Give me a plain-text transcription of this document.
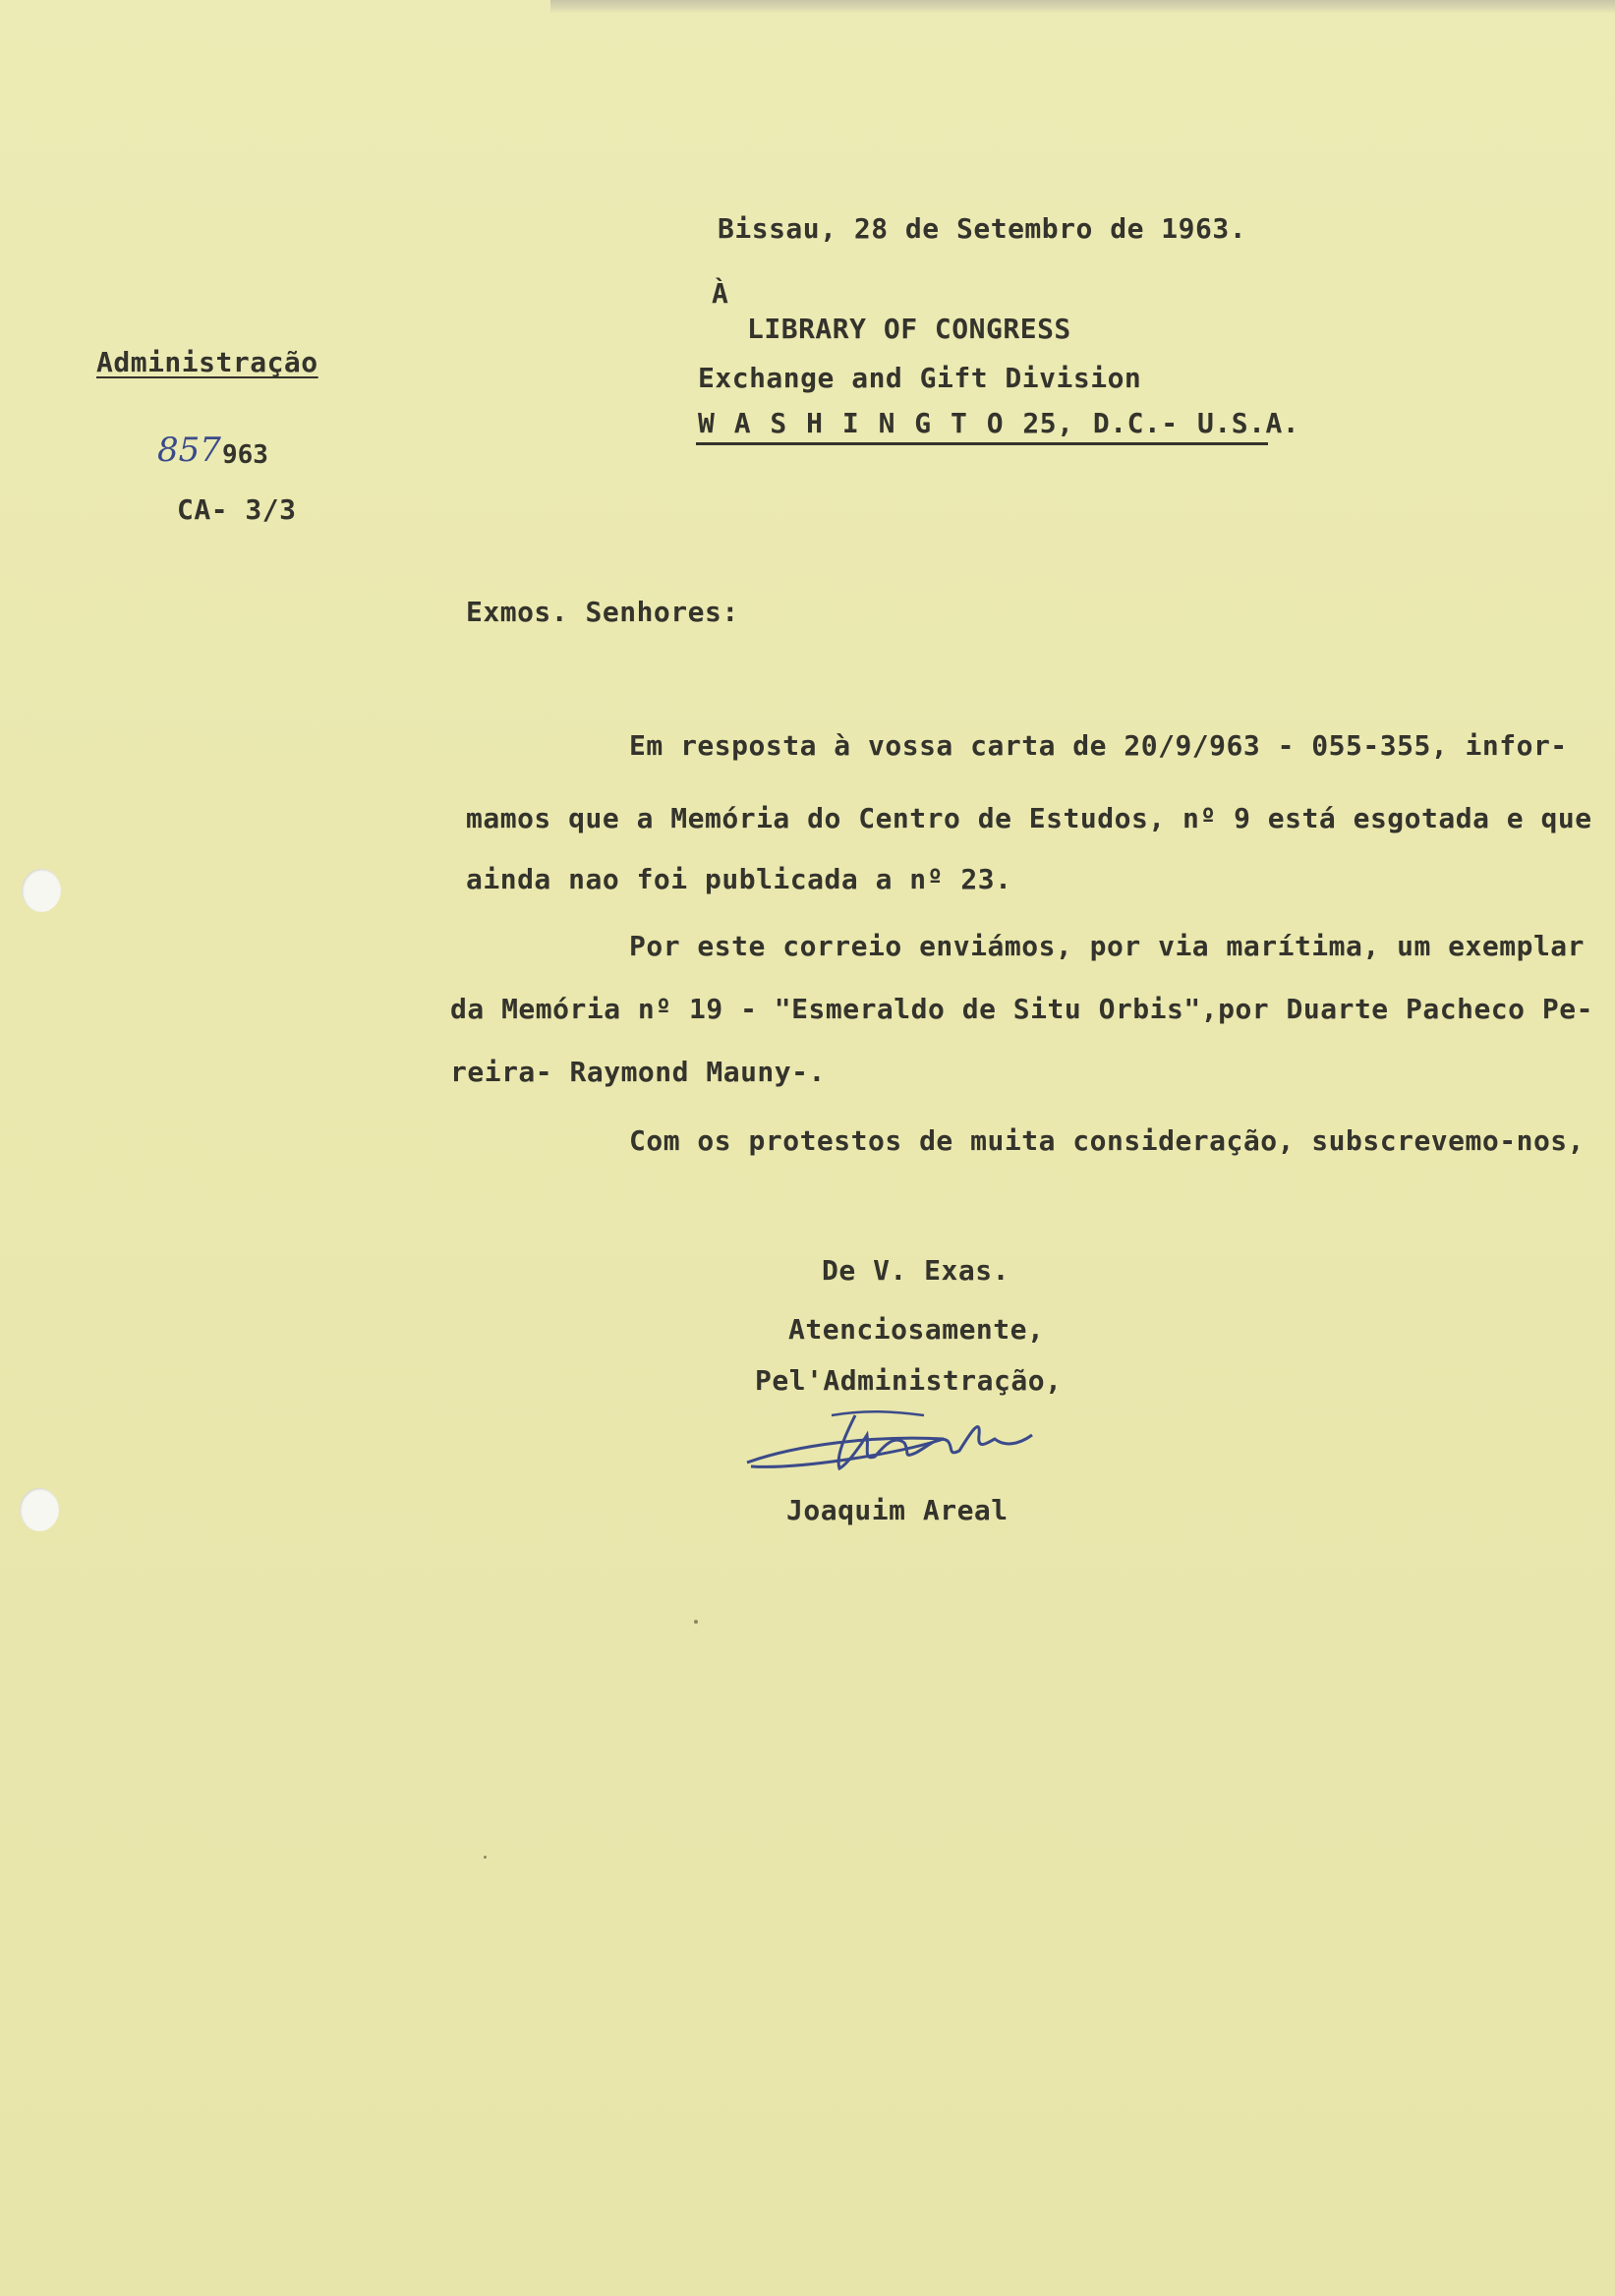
Bissau, 28 de Setembro de 1963.
À
LIBRARY OF CONGRESS
Exchange and Gift Division
W A S H I N G T O 25, D.C.- U.S.A.
Administração
857 963
CA- 3/3
Exmos. Senhores:
Em resposta à vossa carta de 20/9/963 - 055-355, infor-
mamos que a Memória do Centro de Estudos, nº 9 está esgotada e que
ainda nao foi publicada a nº 23.
Por este correio enviámos, por via marítima, um exemplar
da Memória nº 19 - "Esmeraldo de Situ Orbis",por Duarte Pacheco Pe-
reira- Raymond Mauny-.
Com os protestos de muita consideração, subscrevemo-nos,
De V. Exas.
Atenciosamente,
Pel'Administração,
Joaquim Areal
